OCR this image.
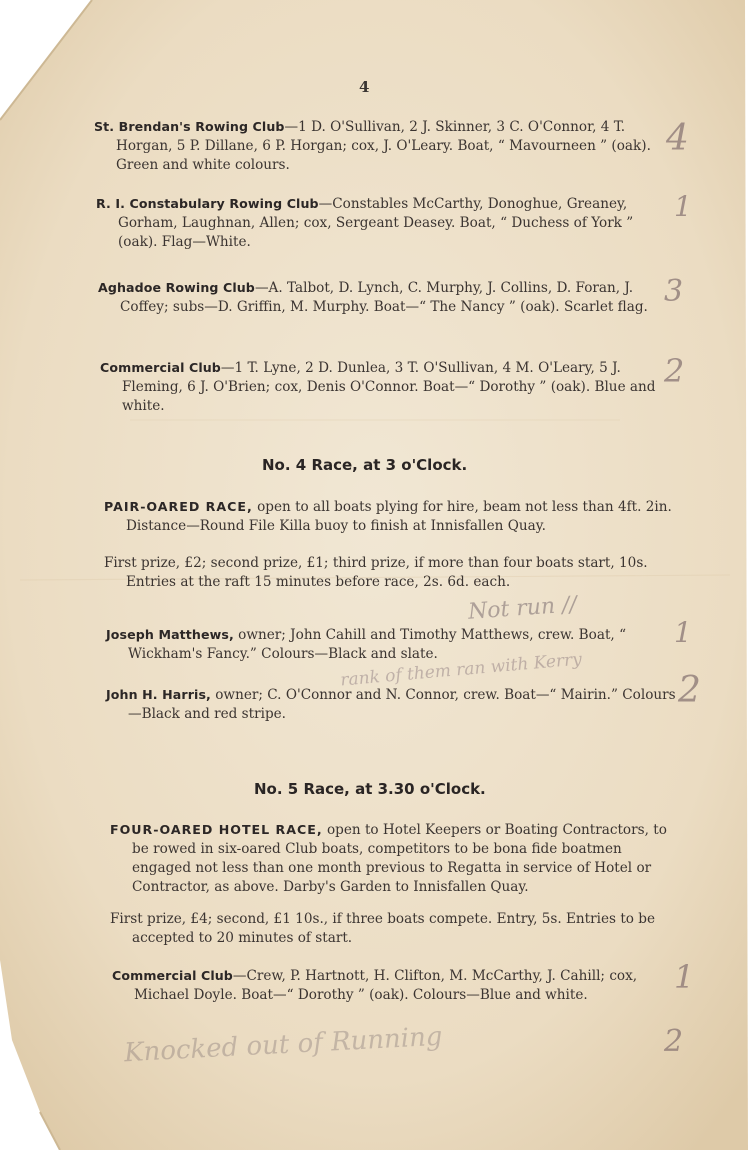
4
St. Brendan's Rowing Club—1 D. O'Sullivan, 2 J. Skinner, 3 C. O'Connor, 4 T. Horgan, 5 P. Dillane, 6 P. Horgan; cox, J. O'Leary. Boat, “ Mavourneen ” (oak). Green and white colours.
R. I. Constabulary Rowing Club—Constables McCarthy, Donoghue, Greaney, Gorham, Laughnan, Allen; cox, Sergeant Deasey. Boat, “ Duchess of York ” (oak). Flag—White.
Aghadoe Rowing Club—A. Talbot, D. Lynch, C. Murphy, J. Collins, D. Foran, J. Coffey; subs—D. Griffin, M. Murphy. Boat—“ The Nancy ” (oak). Scarlet flag.
Commercial Club—1 T. Lyne, 2 D. Dunlea, 3 T. O'Sullivan, 4 M. O'Leary, 5 J. Fleming, 6 J. O'Brien; cox, Denis O'Connor. Boat—“ Dorothy ” (oak). Blue and white.
No. 4 Race, at 3 o'Clock.
PAIR-OARED RACE, open to all boats plying for hire, beam not less than 4ft. 2in. Distance—Round File Killa buoy to finish at Innisfallen Quay.
First prize, £2; second prize, £1; third prize, if more than four boats start, 10s. Entries at the raft 15 minutes before race, 2s. 6d. each.
Joseph Matthews, owner; John Cahill and Timothy Matthews, crew. Boat, “ Wickham's Fancy.” Colours—Black and slate.
John H. Harris, owner; C. O'Connor and N. Connor, crew. Boat—“ Mairin.” Colours—Black and red stripe.
No. 5 Race, at 3.30 o'Clock.
FOUR-OARED HOTEL RACE, open to Hotel Keepers or Boating Contractors, to be rowed in six-oared Club boats, competitors to be bona fide boatmen engaged not less than one month previous to Regatta in service of Hotel or Contractor, as above. Darby's Garden to Innisfallen Quay.
First prize, £4; second, £1 10s., if three boats compete. Entry, 5s. Entries to be accepted to 20 minutes of start.
Commercial Club—Crew, P. Hartnott, H. Clifton, M. McCarthy, J. Cahill; cox, Michael Doyle. Boat—“ Dorothy ” (oak). Colours—Blue and white.
Not run //
rank of them ran with Kerry
Knocked out of Running
4
1
3
2
1
2
1
2
